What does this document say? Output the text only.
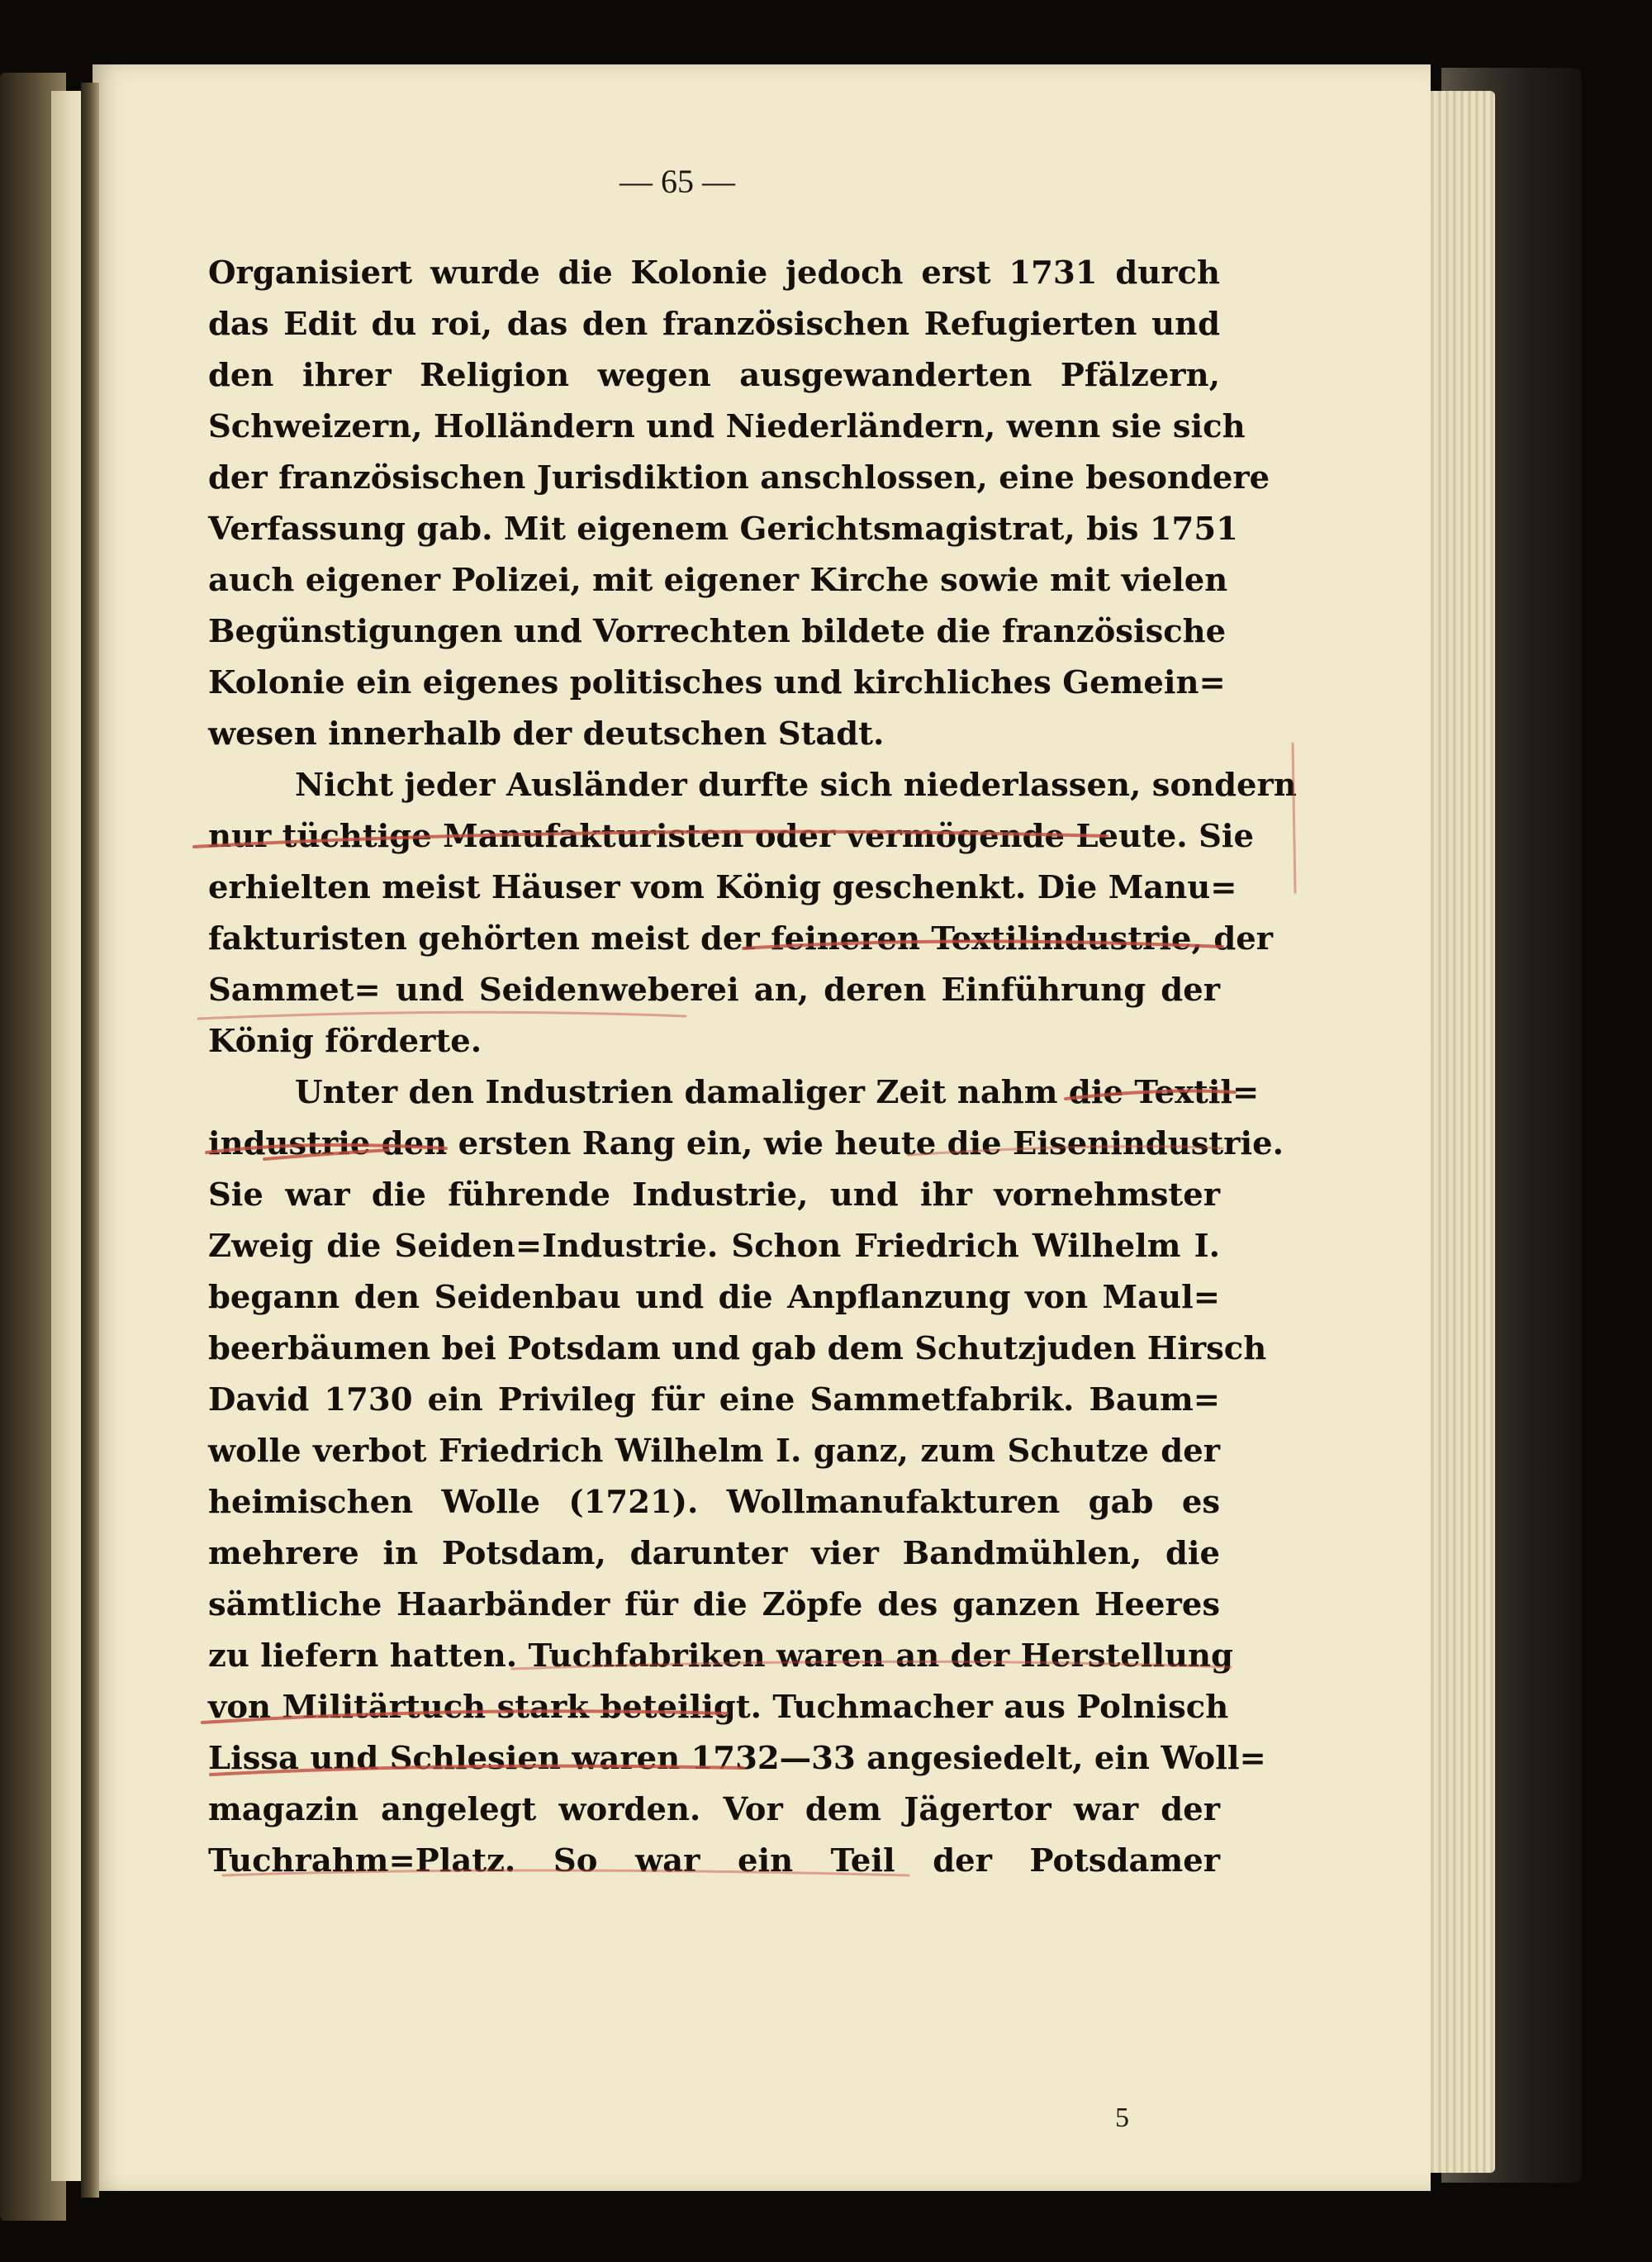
— 65 —
Organisiert wurde die Kolonie jedoch erst 1731 durch
das Edit du roi, das den französischen Refugierten und
den ihrer Religion wegen ausgewanderten Pfälzern,
Schweizern, Holländern und Niederländern, wenn sie sich
der französischen Jurisdiktion anschlossen, eine besondere
Verfassung gab. Mit eigenem Gerichtsmagistrat, bis 1751
auch eigener Polizei, mit eigener Kirche sowie mit vielen
Begünstigungen und Vorrechten bildete die französische
Kolonie ein eigenes politisches und kirchliches Gemein=
wesen innerhalb der deutschen Stadt.
Nicht jeder Ausländer durfte sich niederlassen, sondern
nur tüchtige Manufakturisten oder vermögende Leute. Sie
erhielten meist Häuser vom König geschenkt. Die Manu=
fakturisten gehörten meist der feineren Textilindustrie, der
Sammet= und Seidenweberei an, deren Einführung der
König förderte.
Unter den Industrien damaliger Zeit nahm die Textil=
industrie den ersten Rang ein, wie heute die Eisenindustrie.
Sie war die führende Industrie, und ihr vornehmster
Zweig die Seiden=Industrie. Schon Friedrich Wilhelm I.
begann den Seidenbau und die Anpflanzung von Maul=
beerbäumen bei Potsdam und gab dem Schutzjuden Hirsch
David 1730 ein Privileg für eine Sammetfabrik. Baum=
wolle verbot Friedrich Wilhelm I. ganz, zum Schutze der
heimischen Wolle (1721). Wollmanufakturen gab es
mehrere in Potsdam, darunter vier Bandmühlen, die
sämtliche Haarbänder für die Zöpfe des ganzen Heeres
zu liefern hatten. Tuchfabriken waren an der Herstellung
von Militärtuch stark beteiligt. Tuchmacher aus Polnisch
Lissa und Schlesien waren 1732—33 angesiedelt, ein Woll=
magazin angelegt worden. Vor dem Jägertor war der
Tuchrahm=Platz. So war ein Teil der Potsdamer
5
